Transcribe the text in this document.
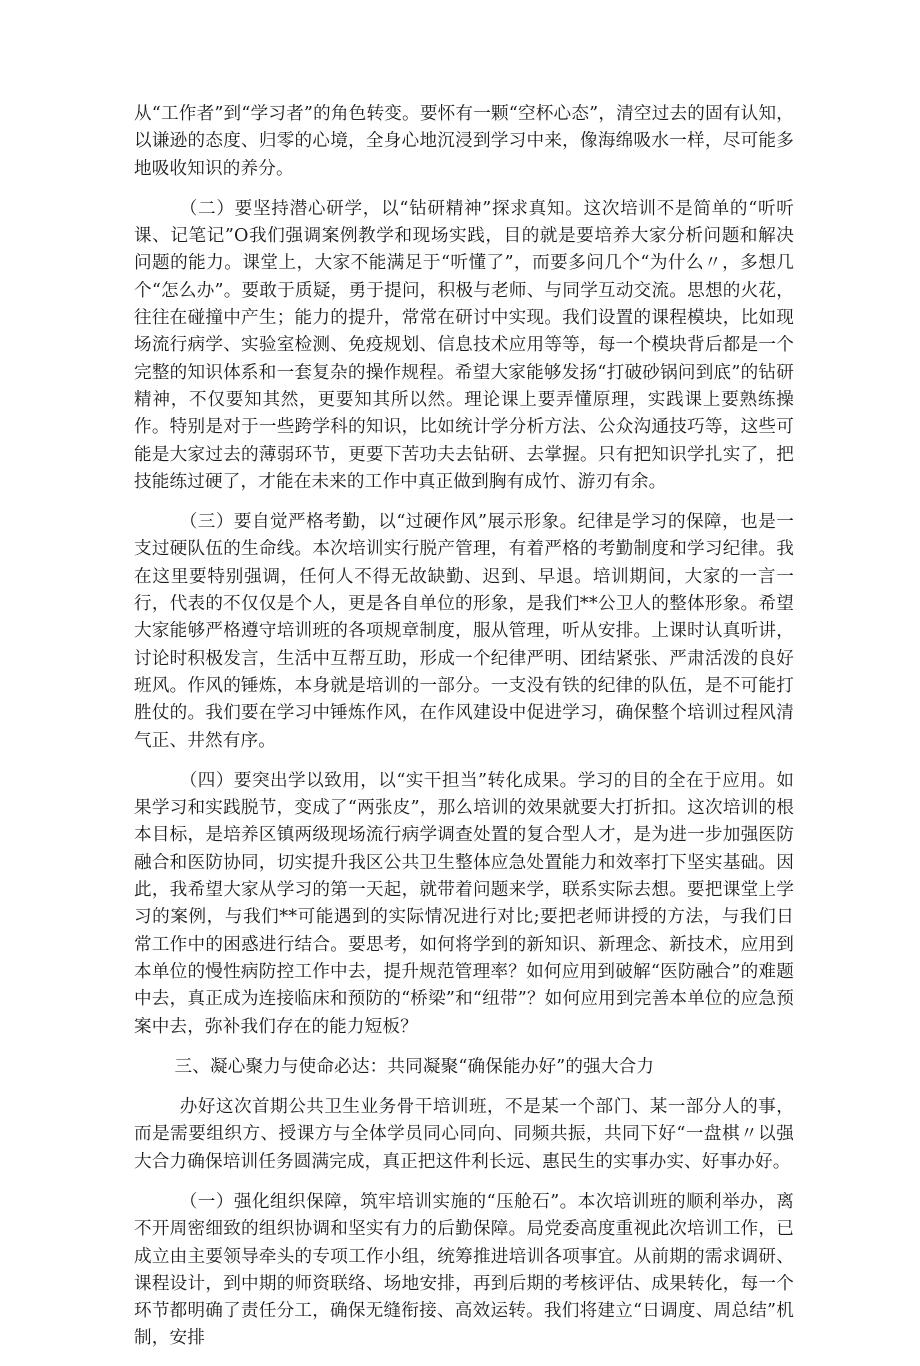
从“工作者”到“学习者”的角色转变。要怀有一颗“空杯心态”，清空过去的固有认知，以谦逊的态度、归零的心境，全身心地沉浸到学习中来，像海绵吸水一样，尽可能多地吸收知识的养分。

（二）要坚持潜心研学，以“钻研精神”探求真知。这次培训不是简单的“听听课、记笔记”O我们强调案例教学和现场实践，目的就是要培养大家分析问题和解决问题的能力。课堂上，大家不能满足于“听懂了”，而要多问几个“为什么〃，多想几个“怎么办”。要敢于质疑，勇于提问，积极与老师、与同学互动交流。思想的火花，往往在碰撞中产生；能力的提升，常常在研讨中实现。我们设置的课程模块，比如现场流行病学、实验室检测、免疫规划、信息技术应用等等，每一个模块背后都是一个完整的知识体系和一套复杂的操作规程。希望大家能够发扬“打破砂锅问到底”的钻研精神，不仅要知其然，更要知其所以然。理论课上要弄懂原理，实践课上要熟练操作。特别是对于一些跨学科的知识，比如统计学分析方法、公众沟通技巧等，这些可能是大家过去的薄弱环节，更要下苦功夫去钻研、去掌握。只有把知识学扎实了，把技能练过硬了，才能在未来的工作中真正做到胸有成竹、游刃有余。

（三）要自觉严格考勤，以“过硬作风”展示形象。纪律是学习的保障，也是一支过硬队伍的生命线。本次培训实行脱产管理，有着严格的考勤制度和学习纪律。我在这里要特别强调，任何人不得无故缺勤、迟到、早退。培训期间，大家的一言一行，代表的不仅仅是个人，更是各自单位的形象，是我们**公卫人的整体形象。希望大家能够严格遵守培训班的各项规章制度，服从管理，听从安排。上课时认真听讲，讨论时积极发言，生活中互帮互助，形成一个纪律严明、团结紧张、严肃活泼的良好班风。作风的锤炼，本身就是培训的一部分。一支没有铁的纪律的队伍，是不可能打胜仗的。我们要在学习中锤炼作风，在作风建设中促进学习，确保整个培训过程风清气正、井然有序。

（四）要突出学以致用，以“实干担当”转化成果。学习的目的全在于应用。如果学习和实践脱节，变成了“两张皮”，那么培训的效果就要大打折扣。这次培训的根本目标，是培养区镇两级现场流行病学调查处置的复合型人才，是为进一步加强医防融合和医防协同，切实提升我区公共卫生整体应急处置能力和效率打下坚实基础。因此，我希望大家从学习的第一天起，就带着问题来学，联系实际去想。要把课堂上学习的案例，与我们**可能遇到的实际情况进行对比;要把老师讲授的方法，与我们日常工作中的困惑进行结合。要思考，如何将学到的新知识、新理念、新技术，应用到本单位的慢性病防控工作中去，提升规范管理率？如何应用到破解“医防融合”的难题中去，真正成为连接临床和预防的“桥梁”和“纽带”？如何应用到完善本单位的应急预案中去，弥补我们存在的能力短板？

三、凝心聚力与使命必达：共同凝聚“确保能办好”的强大合力

办好这次首期公共卫生业务骨干培训班，不是某一个部门、某一部分人的事，而是需要组织方、授课方与全体学员同心同向、同频共振，共同下好“一盘棋〃以强大合力确保培训任务圆满完成，真正把这件利长远、惠民生的实事办实、好事办好。

（一）强化组织保障，筑牢培训实施的“压舱石”。本次培训班的顺利举办，离不开周密细致的组织协调和坚实有力的后勤保障。局党委高度重视此次培训工作，已成立由主要领导牵头的专项工作小组，统筹推进培训各项事宜。从前期的需求调研、课程设计，到中期的师资联络、场地安排，再到后期的考核评估、成果转化，每一个环节都明确了责任分工，确保无缝衔接、高效运转。我们将建立“日调度、周总结”机制，安排
